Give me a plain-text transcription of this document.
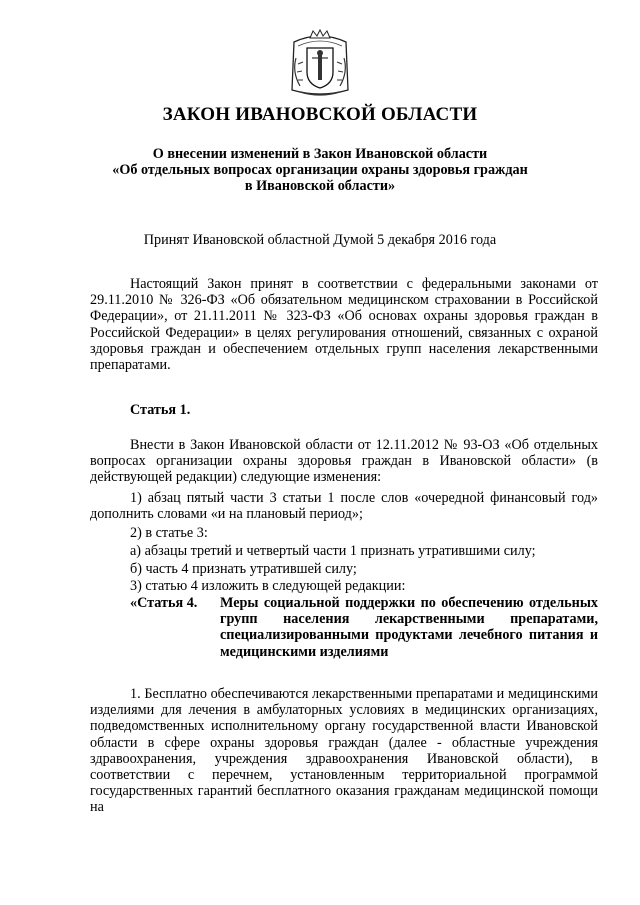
ЗАКОН ИВАНОВСКОЙ ОБЛАСТИ
О внесении изменений в Закон Ивановской области
«Об отдельных вопросах организации охраны здоровья граждан
в Ивановской области»
Принят Ивановской областной Думой 5 декабря 2016 года
Настоящий Закон принят в соответствии с федеральными законами от 29.11.2010 № 326-ФЗ «Об обязательном медицинском страховании в Российской Федерации», от 21.11.2011 № 323-ФЗ «Об основах охраны здоровья граждан в Российской Федерации» в целях регулирования отношений, связанных с охраной здоровья граждан и обеспечением отдельных групп населения лекарственными препаратами.
Статья 1.
Внести в Закон Ивановской области от 12.11.2012 № 93-ОЗ «Об отдельных вопросах организации охраны здоровья граждан в Ивановской области» (в действующей редакции) следующие изменения:
1) абзац пятый части 3 статьи 1 после слов «очередной финансовый год» дополнить словами «и на плановый период»;
2) в статье 3:
а) абзацы третий и четвертый части 1 признать утратившими силу;
б) часть 4 признать утратившей силу;
3) статью 4 изложить в следующей редакции:
«Статья 4. Меры социальной поддержки по обеспечению отдельных групп населения лекарственными препаратами, специализированными продуктами лечебного питания и медицинскими изделиями
1. Бесплатно обеспечиваются лекарственными препаратами и медицинскими изделиями для лечения в амбулаторных условиях в медицинских организациях, подведомственных исполнительному органу государственной власти Ивановской области в сфере охраны здоровья граждан (далее - областные учреждения здравоохранения, учреждения здравоохранения Ивановской области), в соответствии с перечнем, установленным территориальной программой государственных гарантий бесплатного оказания гражданам медицинской помощи на
